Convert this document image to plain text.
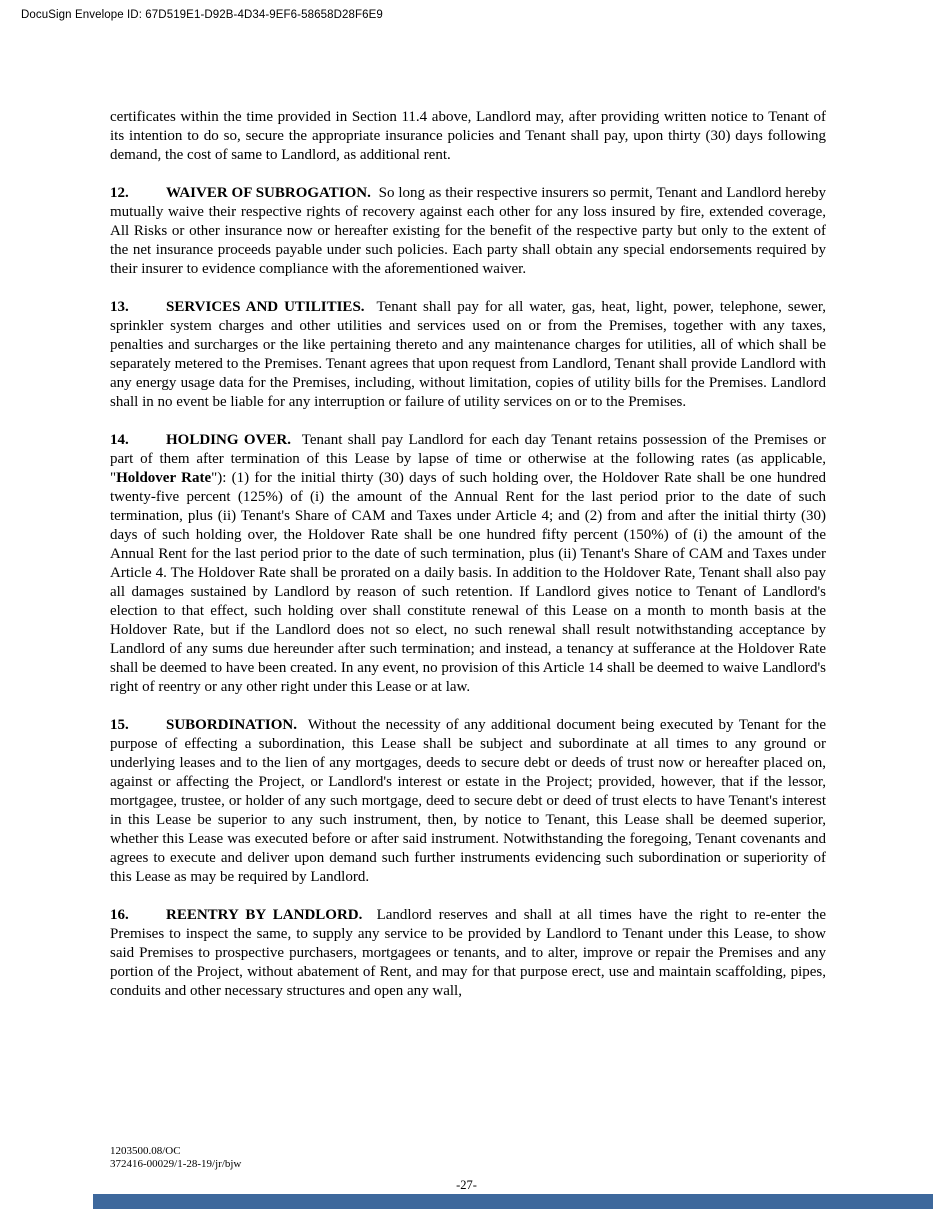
DocuSign Envelope ID: 67D519E1-D92B-4D34-9EF6-58658D28F6E9

certificates within the time provided in Section 11.4 above, Landlord may, after providing written notice to Tenant of its intention to do so, secure the appropriate insurance policies and Tenant shall pay, upon thirty (30) days following demand, the cost of same to Landlord, as additional rent.

12. WAIVER OF SUBROGATION. So long as their respective insurers so permit, Tenant and Landlord hereby mutually waive their respective rights of recovery against each other for any loss insured by fire, extended coverage, All Risks or other insurance now or hereafter existing for the benefit of the respective party but only to the extent of the net insurance proceeds payable under such policies. Each party shall obtain any special endorsements required by their insurer to evidence compliance with the aforementioned waiver.

13. SERVICES AND UTILITIES. Tenant shall pay for all water, gas, heat, light, power, telephone, sewer, sprinkler system charges and other utilities and services used on or from the Premises, together with any taxes, penalties and surcharges or the like pertaining thereto and any maintenance charges for utilities, all of which shall be separately metered to the Premises. Tenant agrees that upon request from Landlord, Tenant shall provide Landlord with any energy usage data for the Premises, including, without limitation, copies of utility bills for the Premises. Landlord shall in no event be liable for any interruption or failure of utility services on or to the Premises.

14. HOLDING OVER. Tenant shall pay Landlord for each day Tenant retains possession of the Premises or part of them after termination of this Lease by lapse of time or otherwise at the following rates (as applicable, "Holdover Rate"): (1) for the initial thirty (30) days of such holding over, the Holdover Rate shall be one hundred twenty-five percent (125%) of (i) the amount of the Annual Rent for the last period prior to the date of such termination, plus (ii) Tenant's Share of CAM and Taxes under Article 4; and (2) from and after the initial thirty (30) days of such holding over, the Holdover Rate shall be one hundred fifty percent (150%) of (i) the amount of the Annual Rent for the last period prior to the date of such termination, plus (ii) Tenant's Share of CAM and Taxes under Article 4. The Holdover Rate shall be prorated on a daily basis. In addition to the Holdover Rate, Tenant shall also pay all damages sustained by Landlord by reason of such retention. If Landlord gives notice to Tenant of Landlord's election to that effect, such holding over shall constitute renewal of this Lease on a month to month basis at the Holdover Rate, but if the Landlord does not so elect, no such renewal shall result notwithstanding acceptance by Landlord of any sums due hereunder after such termination; and instead, a tenancy at sufferance at the Holdover Rate shall be deemed to have been created. In any event, no provision of this Article 14 shall be deemed to waive Landlord's right of reentry or any other right under this Lease or at law.

15. SUBORDINATION. Without the necessity of any additional document being executed by Tenant for the purpose of effecting a subordination, this Lease shall be subject and subordinate at all times to any ground or underlying leases and to the lien of any mortgages, deeds to secure debt or deeds of trust now or hereafter placed on, against or affecting the Project, or Landlord's interest or estate in the Project; provided, however, that if the lessor, mortgagee, trustee, or holder of any such mortgage, deed to secure debt or deed of trust elects to have Tenant's interest in this Lease be superior to any such instrument, then, by notice to Tenant, this Lease shall be deemed superior, whether this Lease was executed before or after said instrument. Notwithstanding the foregoing, Tenant covenants and agrees to execute and deliver upon demand such further instruments evidencing such subordination or superiority of this Lease as may be required by Landlord.

16. REENTRY BY LANDLORD. Landlord reserves and shall at all times have the right to re-enter the Premises to inspect the same, to supply any service to be provided by Landlord to Tenant under this Lease, to show said Premises to prospective purchasers, mortgagees or tenants, and to alter, improve or repair the Premises and any portion of the Project, without abatement of Rent, and may for that purpose erect, use and maintain scaffolding, pipes, conduits and other necessary structures and open any wall,

1203500.08/OC
372416-00029/1-28-19/jr/bjw
-27-
